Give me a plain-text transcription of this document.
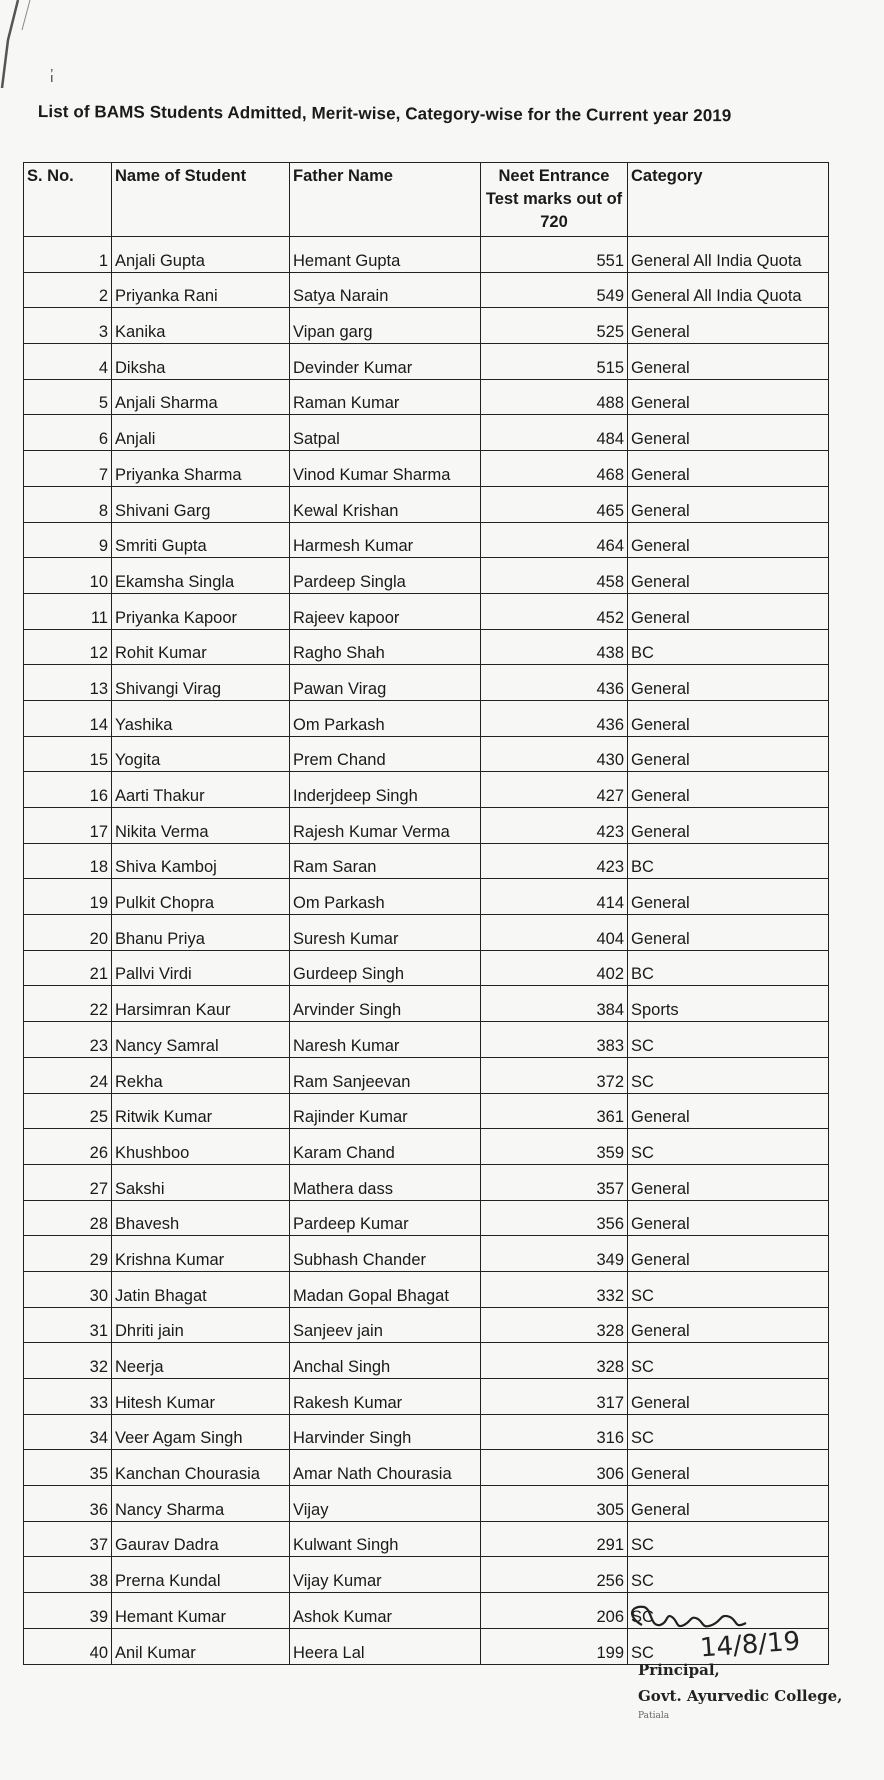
ı̓
List of BAMS Students Admitted, Merit-wise, Category-wise for the Current year 2019
S. No.	Name of Student	Father Name	Neet Entrance Test marks out of 720	Category
1	Anjali Gupta	Hemant Gupta	551	General All India Quota
2	Priyanka Rani	Satya Narain	549	General All India Quota
3	Kanika	Vipan garg	525	General
4	Diksha	Devinder Kumar	515	General
5	Anjali Sharma	Raman Kumar	488	General
6	Anjali	Satpal	484	General
7	Priyanka Sharma	Vinod Kumar Sharma	468	General
8	Shivani Garg	Kewal Krishan	465	General
9	Smriti Gupta	Harmesh Kumar	464	General
10	Ekamsha Singla	Pardeep Singla	458	General
11	Priyanka Kapoor	Rajeev kapoor	452	General
12	Rohit Kumar	Ragho Shah	438	BC
13	Shivangi Virag	Pawan Virag	436	General
14	Yashika	Om Parkash	436	General
15	Yogita	Prem Chand	430	General
16	Aarti Thakur	Inderjdeep Singh	427	General
17	Nikita Verma	Rajesh Kumar Verma	423	General
18	Shiva Kamboj	Ram Saran	423	BC
19	Pulkit Chopra	Om Parkash	414	General
20	Bhanu Priya	Suresh Kumar	404	General
21	Pallvi Virdi	Gurdeep Singh	402	BC
22	Harsimran Kaur	Arvinder Singh	384	Sports
23	Nancy Samral	Naresh Kumar	383	SC
24	Rekha	Ram Sanjeevan	372	SC
25	Ritwik Kumar	Rajinder Kumar	361	General
26	Khushboo	Karam Chand	359	SC
27	Sakshi	Mathera dass	357	General
28	Bhavesh	Pardeep Kumar	356	General
29	Krishna Kumar	Subhash Chander	349	General
30	Jatin Bhagat	Madan Gopal Bhagat	332	SC
31	Dhriti jain	Sanjeev jain	328	General
32	Neerja	Anchal Singh	328	SC
33	Hitesh Kumar	Rakesh Kumar	317	General
34	Veer Agam Singh	Harvinder Singh	316	SC
35	Kanchan Chourasia	Amar Nath Chourasia	306	General
36	Nancy Sharma	Vijay	305	General
37	Gaurav Dadra	Kulwant Singh	291	SC
38	Prerna Kundal	Vijay Kumar	256	SC
39	Hemant Kumar	Ashok Kumar	206	SC
40	Anil Kumar	Heera Lal	199	SC 14/8/19
Principal,
Govt. Ayurvedic College,
Patiala
